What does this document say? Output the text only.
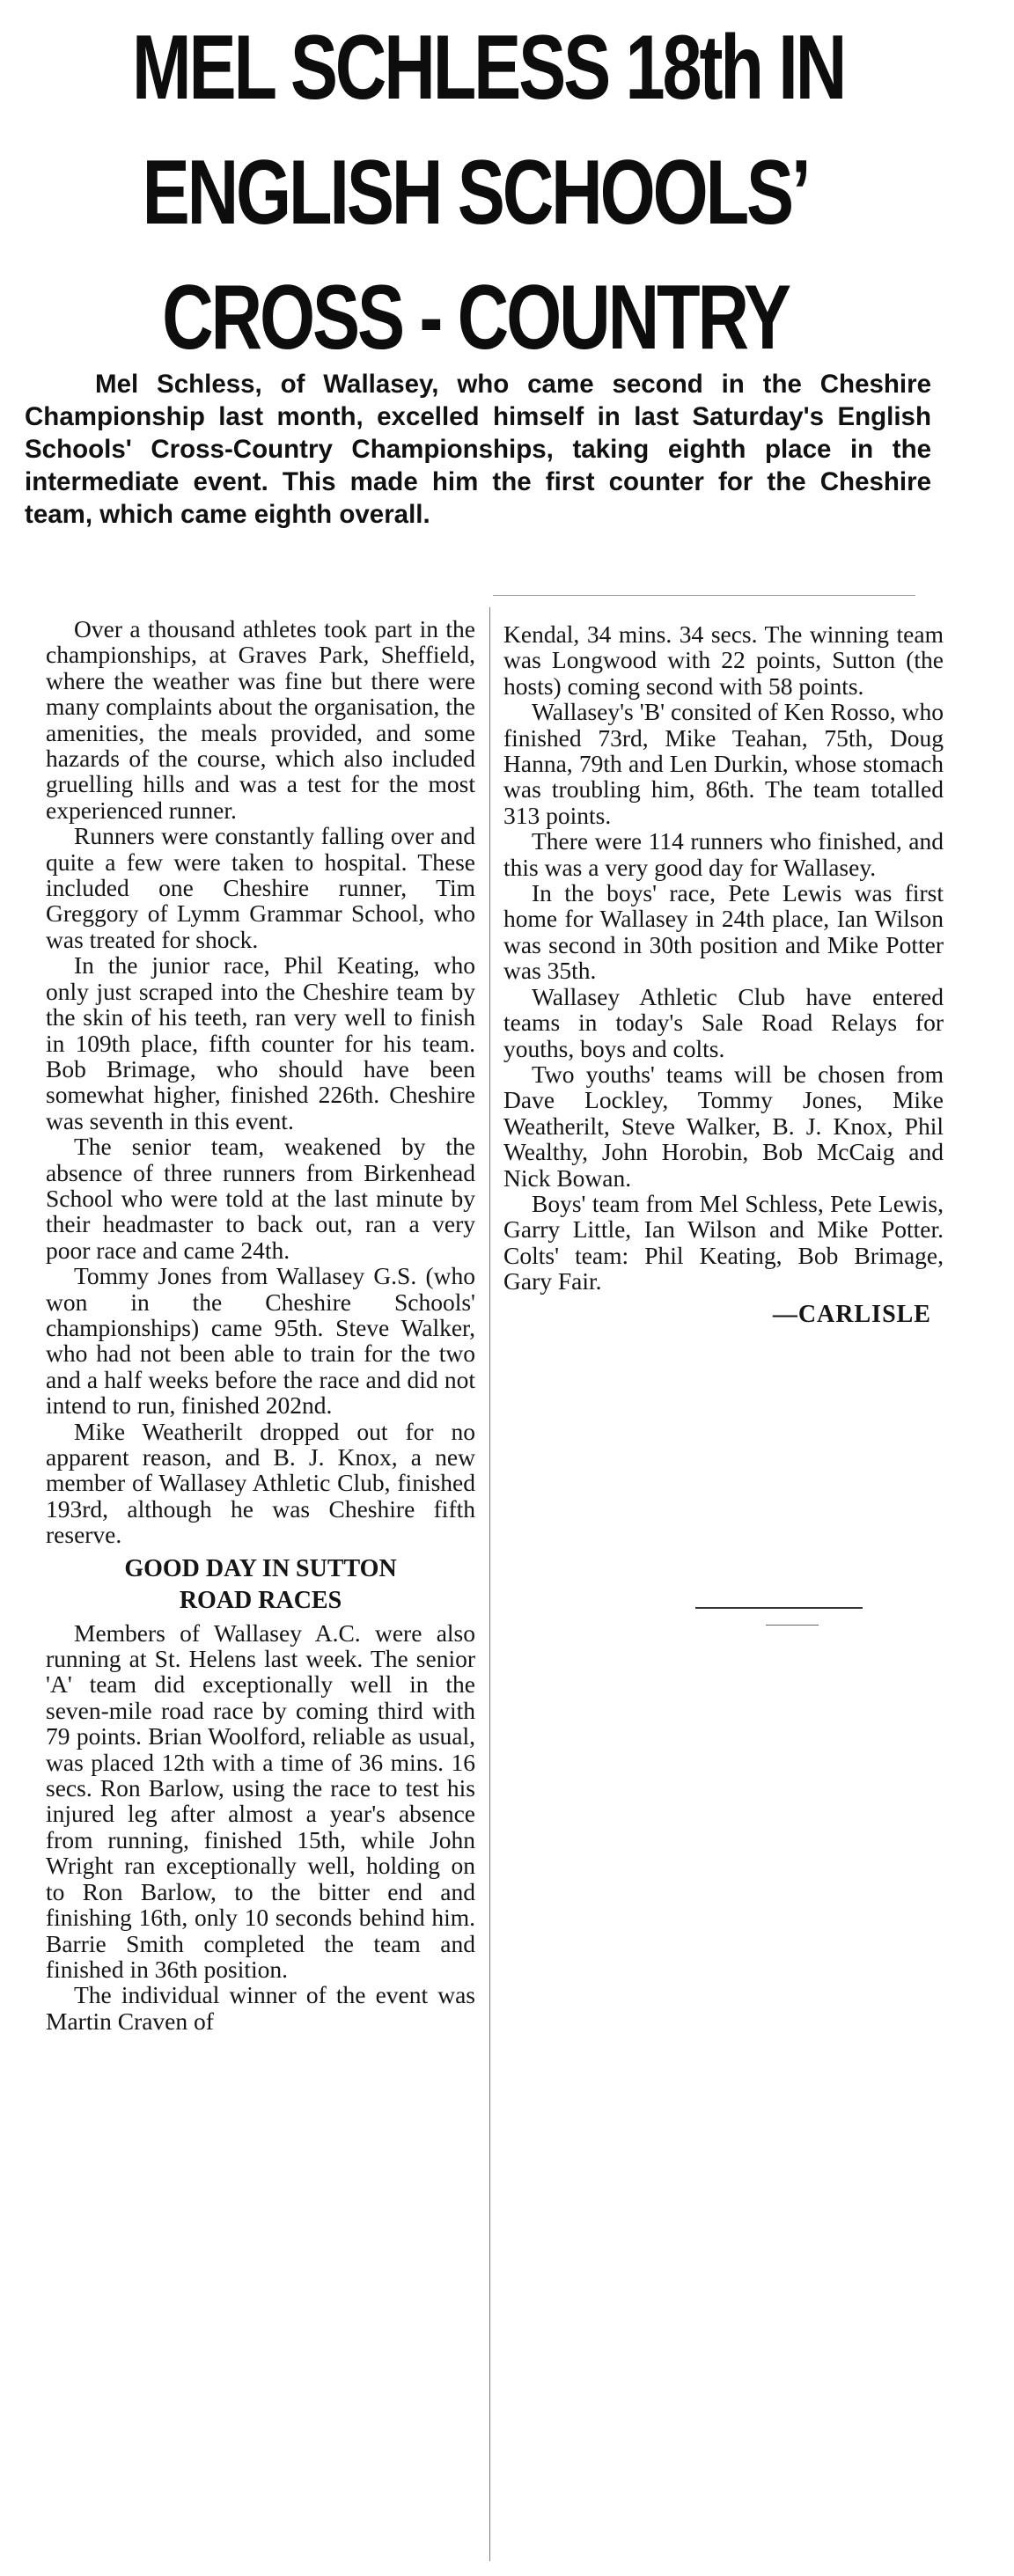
MEL SCHLESS 18th IN
ENGLISH SCHOOLS’
CROSS - COUNTRY
Mel Schless, of Wallasey, who came second in the Cheshire Championship last month, excelled himself in last Saturday's English Schools' Cross-Country Championships, taking eighth place in the intermediate event. This made him the first counter for the Cheshire team, which came eighth overall.

Over a thousand athletes took part in the championships, at Graves Park, Sheffield, where the weather was fine but there were many complaints about the organisation, the amenities, the meals provided, and some hazards of the course, which also included gruelling hills and was a test for the most experienced runner.

Runners were constantly falling over and quite a few were taken to hospital. These included one Cheshire runner, Tim Greggory of Lymm Grammar School, who was treated for shock.

In the junior race, Phil Keating, who only just scraped into the Cheshire team by the skin of his teeth, ran very well to finish in 109th place, fifth counter for his team. Bob Brimage, who should have been somewhat higher, finished 226th. Cheshire was seventh in this event.

The senior team, weakened by the absence of three runners from Birkenhead School who were told at the last minute by their headmaster to back out, ran a very poor race and came 24th.

Tommy Jones from Wallasey G.S. (who won in the Cheshire Schools' championships) came 95th. Steve Walker, who had not been able to train for the two and a half weeks before the race and did not intend to run, finished 202nd.

Mike Weatherilt dropped out for no apparent reason, and B. J. Knox, a new member of Wallasey Athletic Club, finished 193rd, although he was Cheshire fifth reserve.

GOOD DAY IN SUTTON
ROAD RACES

Members of Wallasey A.C. were also running at St. Helens last week. The senior 'A' team did exceptionally well in the seven-mile road race by coming third with 79 points. Brian Woolford, reliable as usual, was placed 12th with a time of 36 mins. 16 secs. Ron Barlow, using the race to test his injured leg after almost a year's absence from running, finished 15th, while John Wright ran exceptionally well, holding on to Ron Barlow, to the bitter end and finishing 16th, only 10 seconds behind him. Barrie Smith completed the team and finished in 36th position.

The individual winner of the event was Martin Craven of

Kendal, 34 mins. 34 secs. The winning team was Longwood with 22 points, Sutton (the hosts) coming second with 58 points.

Wallasey's 'B' consited of Ken Rosso, who finished 73rd, Mike Teahan, 75th, Doug Hanna, 79th and Len Durkin, whose stomach was troubling him, 86th. The team totalled 313 points.

There were 114 runners who finished, and this was a very good day for Wallasey.

In the boys' race, Pete Lewis was first home for Wallasey in 24th place, Ian Wilson was second in 30th position and Mike Potter was 35th.

Wallasey Athletic Club have entered teams in today's Sale Road Relays for youths, boys and colts.

Two youths' teams will be chosen from Dave Lockley, Tommy Jones, Mike Weatherilt, Steve Walker, B. J. Knox, Phil Wealthy, John Horobin, Bob McCaig and Nick Bowan.

Boys' team from Mel Schless, Pete Lewis, Garry Little, Ian Wilson and Mike Potter. Colts' team: Phil Keating, Bob Brimage, Gary Fair.

—CARLISLE
